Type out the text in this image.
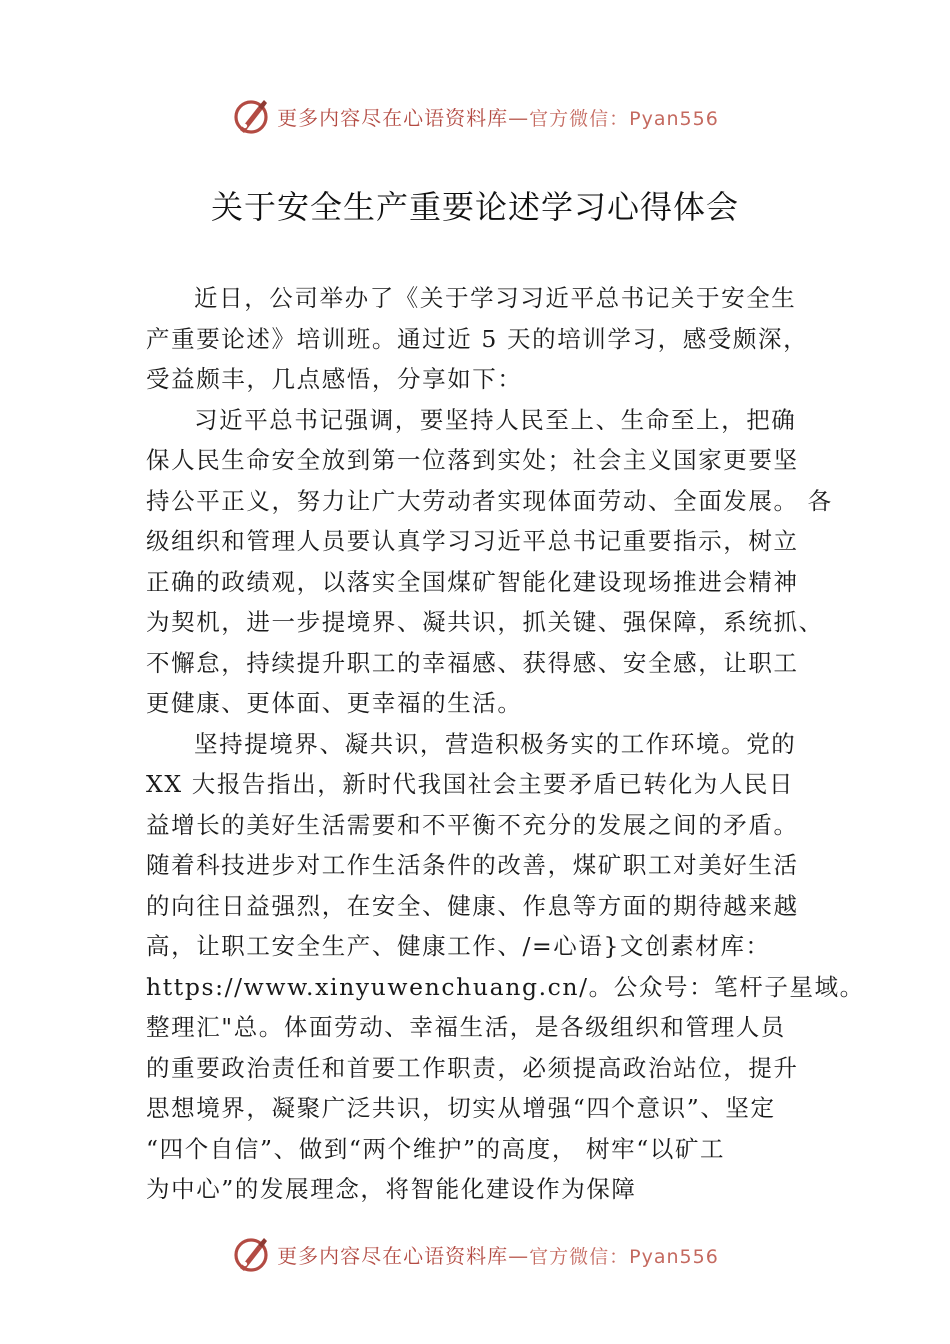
更多内容尽在心语资料库—官方微信：Pyan556
关于安全生产重要论述学习心得体会
近日，公司举办了《关于学习习近平总书记关于安全生
产重要论述》培训班。通过近 5 天的培训学习，感受颇深，
受益颇丰，几点感悟，分享如下：
习近平总书记强调，要坚持人民至上、生命至上，把确
保人民生命安全放到第一位落到实处；社会主义国家更要坚
持公平正义，努力让广大劳动者实现体面劳动、全面发展。 各
级组织和管理人员要认真学习习近平总书记重要指示，树立
正确的政绩观，以落实全国煤矿智能化建设现场推进会精神
为契机，进一步提境界、凝共识，抓关键、强保障，系统抓、
不懈怠，持续提升职工的幸福感、获得感、安全感，让职工
更健康、更体面、更幸福的生活。
坚持提境界、凝共识，营造积极务实的工作环境。党的
XX 大报告指出，新时代我国社会主要矛盾已转化为人民日
益增长的美好生活需要和不平衡不充分的发展之间的矛盾。
随着科技进步对工作生活条件的改善，煤矿职工对美好生活
的向往日益强烈，在安全、健康、作息等方面的期待越来越
高，让职工安全生产、健康工作、/=心语}文创素材库：
https://www.xinyuwenchuang.cn/。公众号：笔杆子星域。
整理汇"总。体面劳动、幸福生活，是各级组织和管理人员
的重要政治责任和首要工作职责，必须提高政治站位，提升
思想境界，凝聚广泛共识，切实从增强“四个意识”、坚定
“四个自信”、做到“两个维护”的高度， 树牢“以矿工
为中心”的发展理念，将智能化建设作为保障
更多内容尽在心语资料库—官方微信：Pyan556
